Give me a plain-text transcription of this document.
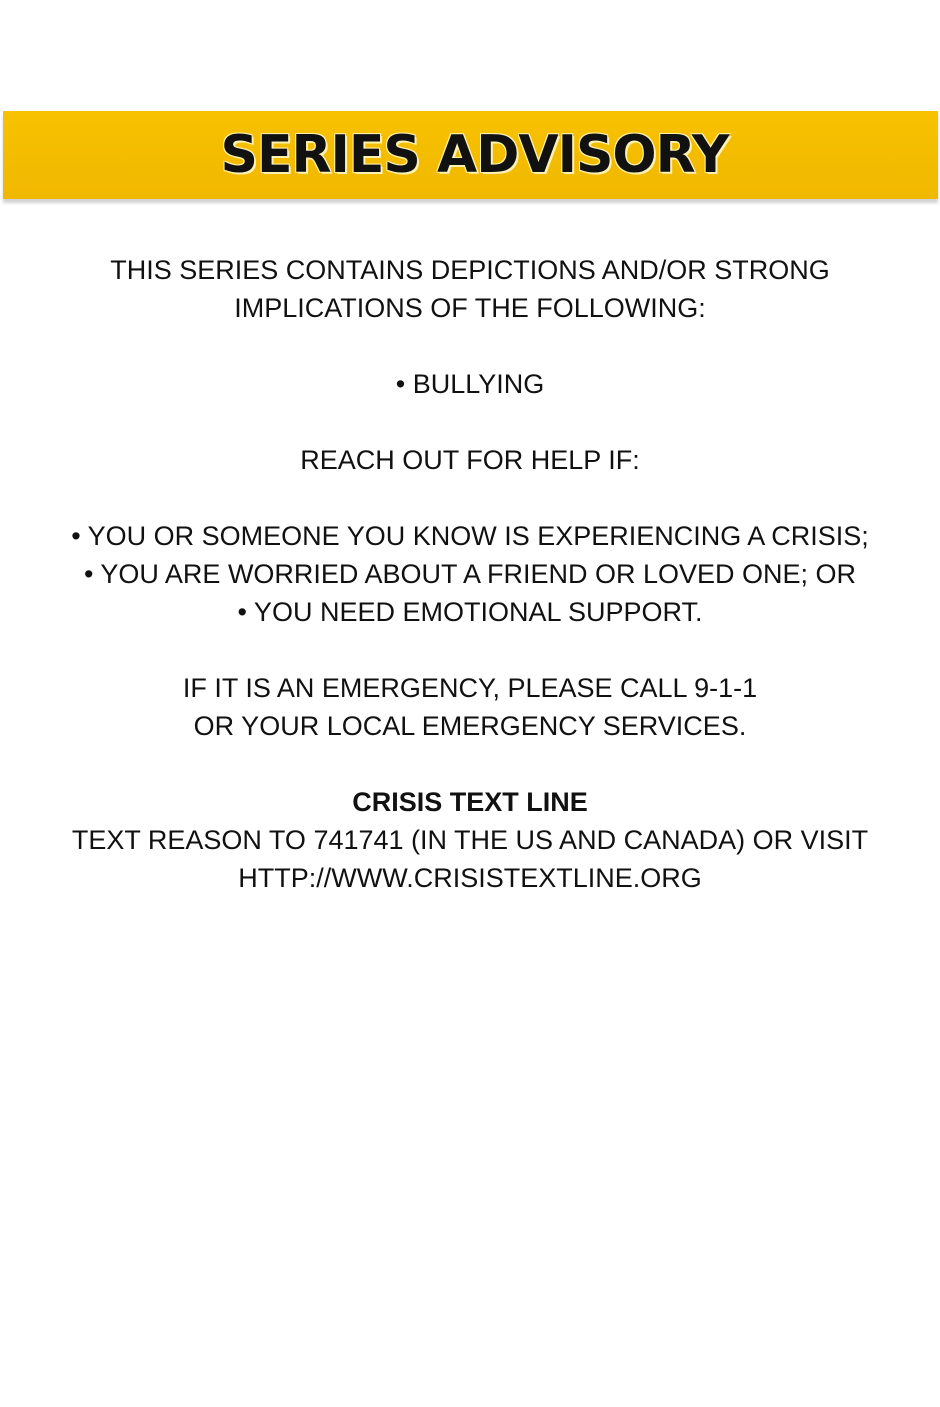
SERIES ADVISORY
THIS SERIES CONTAINS DEPICTIONS AND/OR STRONG
IMPLICATIONS OF THE FOLLOWING:
• BULLYING
REACH OUT FOR HELP IF:
• YOU OR SOMEONE YOU KNOW IS EXPERIENCING A CRISIS;
• YOU ARE WORRIED ABOUT A FRIEND OR LOVED ONE; OR
• YOU NEED EMOTIONAL SUPPORT.
IF IT IS AN EMERGENCY, PLEASE CALL 9-1-1
OR YOUR LOCAL EMERGENCY SERVICES.
CRISIS TEXT LINE
TEXT REASON TO 741741 (IN THE US AND CANADA) OR VISIT
HTTP://WWW.CRISISTEXTLINE.ORG
